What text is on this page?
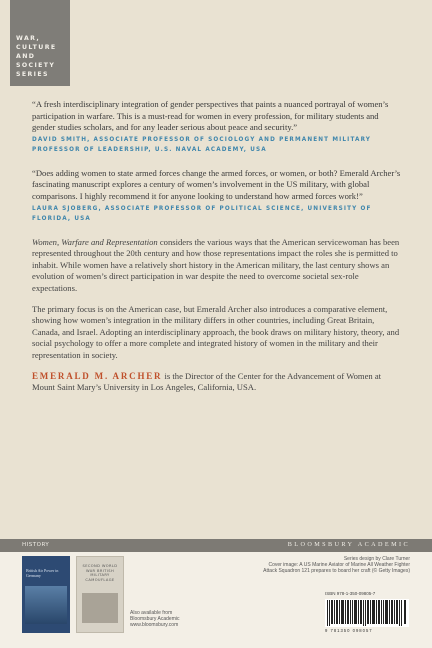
WAR,
CULTURE
AND
SOCIETY
SERIES

“A fresh interdisciplinary integration of gender perspectives that paints a nuanced portrayal of women’s participation in warfare. This is a must-read for women in every profession, for military students and gender studies scholars, and for any leader serious about peace and security.”

DAVID SMITH, ASSOCIATE PROFESSOR OF SOCIOLOGY AND PERMANENT MILITARY PROFESSOR OF LEADERSHIP, U.S. NAVAL ACADEMY, USA

“Does adding women to state armed forces change the armed forces, or women, or both? Emerald Archer’s fascinating manuscript explores a century of women’s involvement in the US military, with global comparisons. I highly recommend it for anyone looking to understand how armed forces work!”

LAURA SJOBERG, ASSOCIATE PROFESSOR OF POLITICAL SCIENCE, UNIVERSITY OF FLORIDA, USA

Women, Warfare and Representation considers the various ways that the American servicewoman has been represented throughout the 20th century and how those representations impact the roles she is permitted to inhabit. While women have a relatively short history in the American military, the last century shows an evolution of women’s direct participation in war despite the need to overcome societal sex-role expectations.

The primary focus is on the American case, but Emerald Archer also introduces a comparative element, showing how women’s integration in the military differs in other countries, including Great Britain, Canada, and Israel. Adopting an interdisciplinary approach, the book draws on military history, theory, and social psychology to offer a more complete and integrated history of women in the military and their representation in society.

EMERALD M. ARCHER is the Director of the Center for the Advancement of Women at Mount Saint Mary’s University in Los Angeles, California, USA.

HISTORY	BLOOMSBURY ACADEMIC
British Air Power in Germany
SECOND WORLD WAR BRITISH MILITARY CAMOUFLAGE
Also available from
Bloomsbury Academic
www.bloomsbury.com
Series design by Clare Turner
Cover image: A US Marine Aviator of Marine All Weather Fighter
Attack Squadron 121 prepares to board her craft (© Getty Images)
ISBN 978-1-350-09805-7
9 781350 098057
